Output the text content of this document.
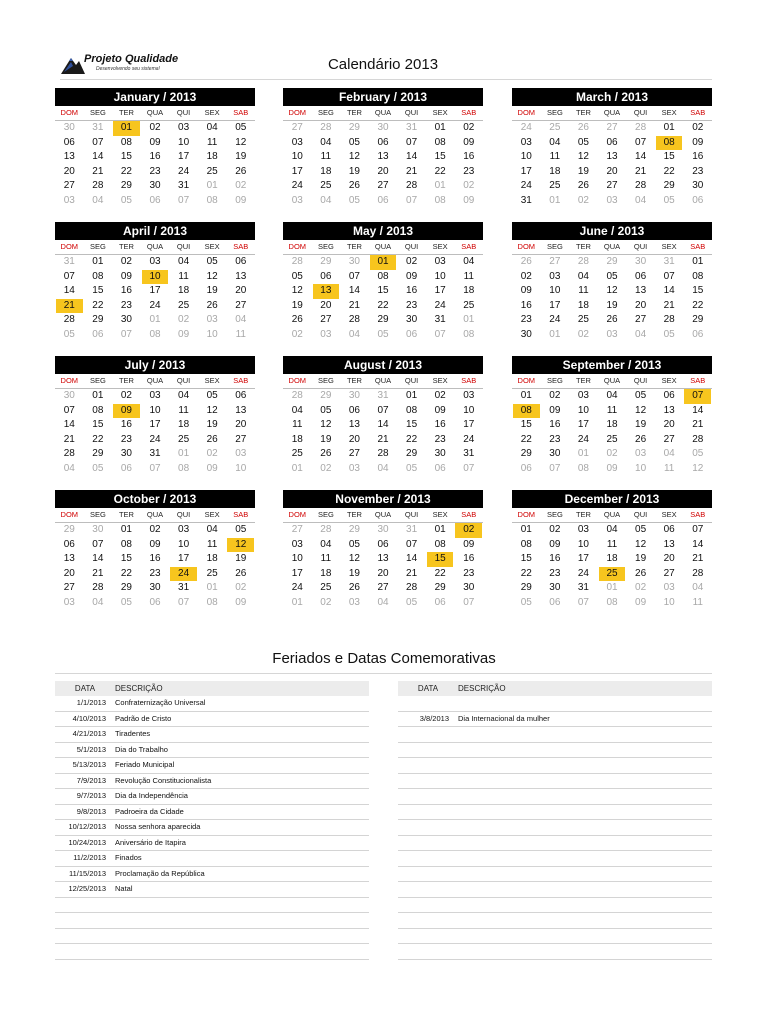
Projeto Qualidade
Desenvolvendo seu sistema!	Calendário 2013
January / 2013
DOM	SEG	TER	QUA	QUI	SEX	SAB
30	31	01	02	03	04	05
06	07	08	09	10	11	12
13	14	15	16	17	18	19
20	21	22	23	24	25	26
27	28	29	30	31	01	02
03	04	05	06	07	08	09
February / 2013
DOM	SEG	TER	QUA	QUI	SEX	SAB
27	28	29	30	31	01	02
03	04	05	06	07	08	09
10	11	12	13	14	15	16
17	18	19	20	21	22	23
24	25	26	27	28	01	02
03	04	05	06	07	08	09
March / 2013
DOM	SEG	TER	QUA	QUI	SEX	SAB
24	25	26	27	28	01	02
03	04	05	06	07	08	09
10	11	12	13	14	15	16
17	18	19	20	21	22	23
24	25	26	27	28	29	30
31	01	02	03	04	05	06
April / 2013
DOM	SEG	TER	QUA	QUI	SEX	SAB
31	01	02	03	04	05	06
07	08	09	10	11	12	13
14	15	16	17	18	19	20
21	22	23	24	25	26	27
28	29	30	01	02	03	04
05	06	07	08	09	10	11
May / 2013
DOM	SEG	TER	QUA	QUI	SEX	SAB
28	29	30	01	02	03	04
05	06	07	08	09	10	11
12	13	14	15	16	17	18
19	20	21	22	23	24	25
26	27	28	29	30	31	01
02	03	04	05	06	07	08
June / 2013
DOM	SEG	TER	QUA	QUI	SEX	SAB
26	27	28	29	30	31	01
02	03	04	05	06	07	08
09	10	11	12	13	14	15
16	17	18	19	20	21	22
23	24	25	26	27	28	29
30	01	02	03	04	05	06
July / 2013
DOM	SEG	TER	QUA	QUI	SEX	SAB
30	01	02	03	04	05	06
07	08	09	10	11	12	13
14	15	16	17	18	19	20
21	22	23	24	25	26	27
28	29	30	31	01	02	03
04	05	06	07	08	09	10
August / 2013
DOM	SEG	TER	QUA	QUI	SEX	SAB
28	29	30	31	01	02	03
04	05	06	07	08	09	10
11	12	13	14	15	16	17
18	19	20	21	22	23	24
25	26	27	28	29	30	31
01	02	03	04	05	06	07
September / 2013
DOM	SEG	TER	QUA	QUI	SEX	SAB
01	02	03	04	05	06	07
08	09	10	11	12	13	14
15	16	17	18	19	20	21
22	23	24	25	26	27	28
29	30	01	02	03	04	05
06	07	08	09	10	11	12
October / 2013
DOM	SEG	TER	QUA	QUI	SEX	SAB
29	30	01	02	03	04	05
06	07	08	09	10	11	12
13	14	15	16	17	18	19
20	21	22	23	24	25	26
27	28	29	30	31	01	02
03	04	05	06	07	08	09
November / 2013
DOM	SEG	TER	QUA	QUI	SEX	SAB
27	28	29	30	31	01	02
03	04	05	06	07	08	09
10	11	12	13	14	15	16
17	18	19	20	21	22	23
24	25	26	27	28	29	30
01	02	03	04	05	06	07
December / 2013
DOM	SEG	TER	QUA	QUI	SEX	SAB
01	02	03	04	05	06	07
08	09	10	11	12	13	14
15	16	17	18	19	20	21
22	23	24	25	26	27	28
29	30	31	01	02	03	04
05	06	07	08	09	10	11
Feriados e Datas Comemorativas
DATA	DESCRIÇÃO
1/1/2013 Confraternização Universal
4/10/2013 Padrão de Cristo
4/21/2013 Tiradentes
5/1/2013 Dia do Trabalho
5/13/2013 Feriado Municipal
7/9/2013 Revolução Constitucionalista
9/7/2013 Dia da Independência
9/8/2013 Padroeira da Cidade
10/12/2013 Nossa senhora aparecida
10/24/2013 Aniversário de Itapira
11/2/2013 Finados
11/15/2013 Proclamação da República
12/25/2013 Natal
DATA	DESCRIÇÃO
3/8/2013 Dia Internacional da mulher
